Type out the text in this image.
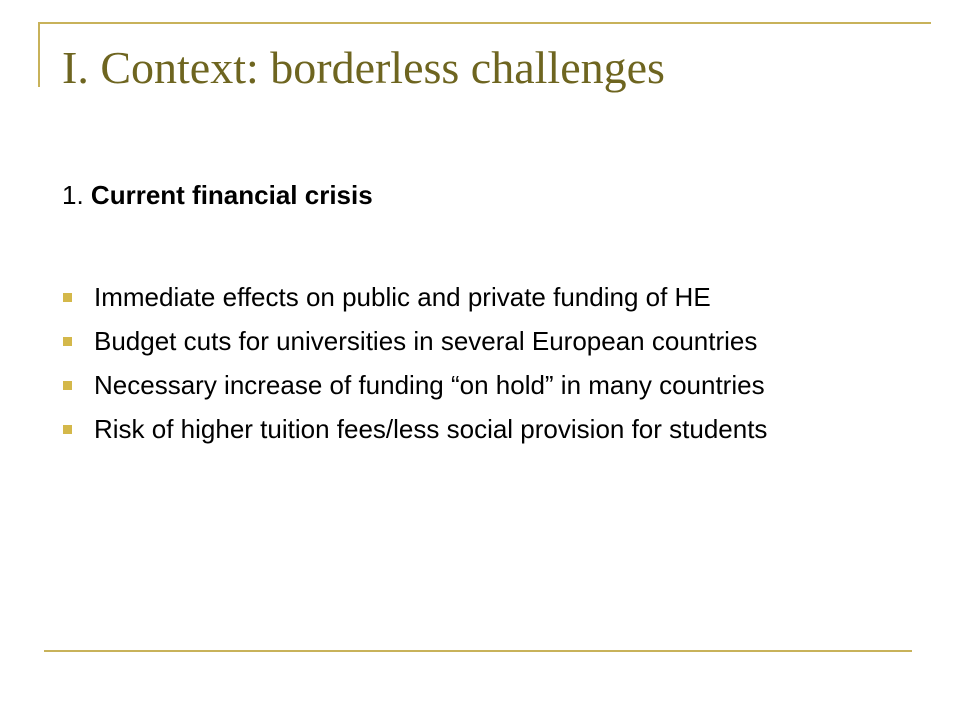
I. Context: borderless challenges
1. Current financial crisis
Immediate effects on public and private funding of HE
Budget cuts for universities in several European countries
Necessary increase of funding “on hold” in many countries
Risk of higher tuition fees/less social provision for students
